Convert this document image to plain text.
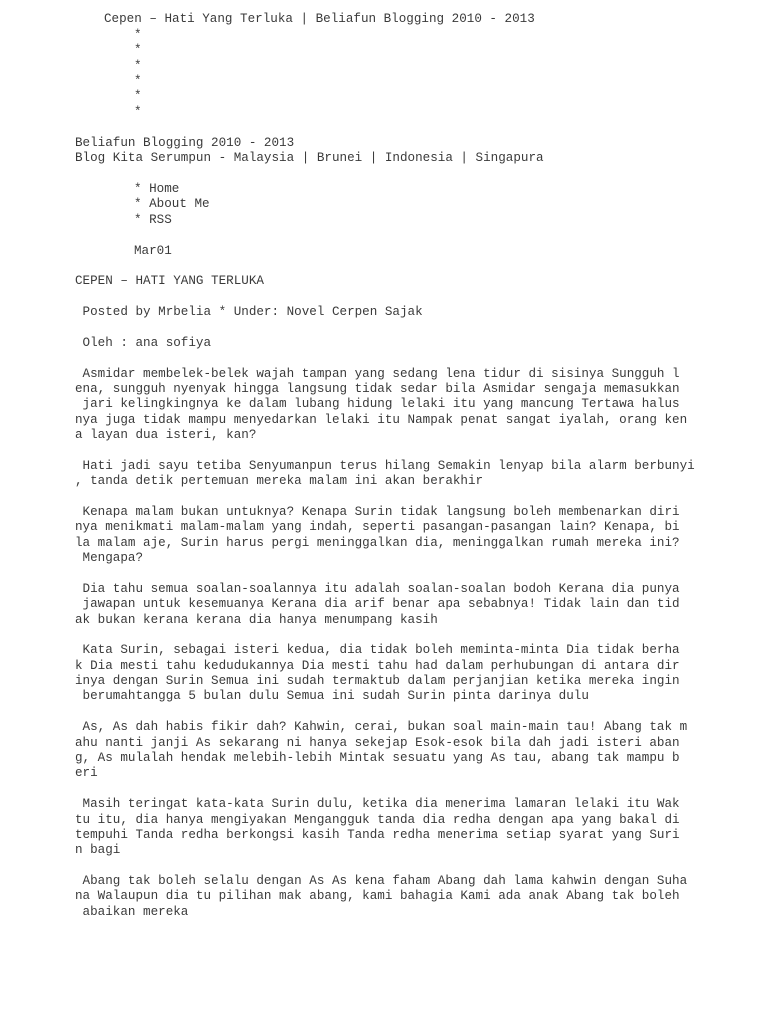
Cepen – Hati Yang Terluka | Beliafun Blogging 2010 - 2013
*
*
*
*
*
*
Beliafun Blogging 2010 - 2013
Blog Kita Serumpun - Malaysia | Brunei | Indonesia | Singapura
* Home
* About Me
* RSS
Mar01
CEPEN – HATI YANG TERLUKA
Posted by Mrbelia * Under: Novel Cerpen Sajak
Oleh : ana sofiya
Asmidar membelek-belek wajah tampan yang sedang lena tidur di sisinya Sungguh l
ena, sungguh nyenyak hingga langsung tidak sedar bila Asmidar sengaja memasukkan
jari kelingkingnya ke dalam lubang hidung lelaki itu yang mancung Tertawa halus
nya juga tidak mampu menyedarkan lelaki itu Nampak penat sangat iyalah, orang ken
a layan dua isteri, kan?
Hati jadi sayu tetiba Senyumanpun terus hilang Semakin lenyap bila alarm berbunyi
, tanda detik pertemuan mereka malam ini akan berakhir
Kenapa malam bukan untuknya? Kenapa Surin tidak langsung boleh membenarkan diri
nya menikmati malam-malam yang indah, seperti pasangan-pasangan lain? Kenapa, bi
la malam aje, Surin harus pergi meninggalkan dia, meninggalkan rumah mereka ini?
Mengapa?
Dia tahu semua soalan-soalannya itu adalah soalan-soalan bodoh Kerana dia punya
jawapan untuk kesemuanya Kerana dia arif benar apa sebabnya! Tidak lain dan tid
ak bukan kerana kerana dia hanya menumpang kasih
Kata Surin, sebagai isteri kedua, dia tidak boleh meminta-minta Dia tidak berha
k Dia mesti tahu kedudukannya Dia mesti tahu had dalam perhubungan di antara dir
inya dengan Surin Semua ini sudah termaktub dalam perjanjian ketika mereka ingin
berumahtangga 5 bulan dulu Semua ini sudah Surin pinta darinya dulu
As, As dah habis fikir dah? Kahwin, cerai, bukan soal main-main tau! Abang tak m
ahu nanti janji As sekarang ni hanya sekejap Esok-esok bila dah jadi isteri aban
g, As mulalah hendak melebih-lebih Mintak sesuatu yang As tau, abang tak mampu b
eri
Masih teringat kata-kata Surin dulu, ketika dia menerima lamaran lelaki itu Wak
tu itu, dia hanya mengiyakan Mengangguk tanda dia redha dengan apa yang bakal di
tempuhi Tanda redha berkongsi kasih Tanda redha menerima setiap syarat yang Suri
n bagi
Abang tak boleh selalu dengan As As kena faham Abang dah lama kahwin dengan Suha
na Walaupun dia tu pilihan mak abang, kami bahagia Kami ada anak Abang tak boleh
abaikan mereka
